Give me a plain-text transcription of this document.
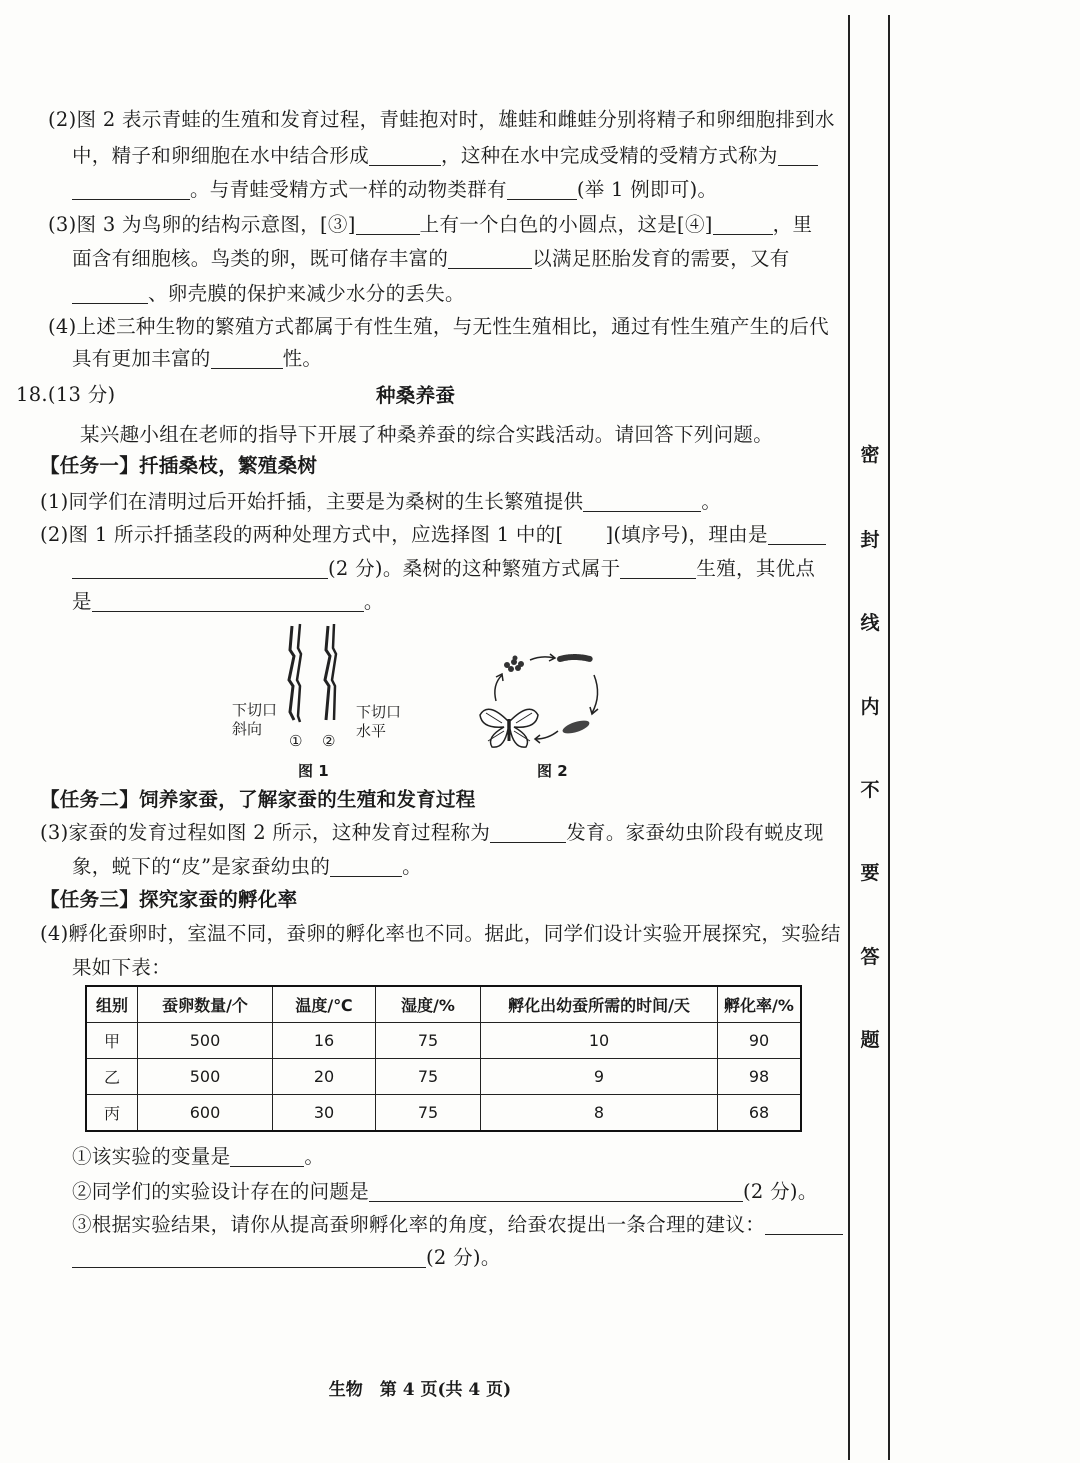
(2)图 2 表示青蛙的生殖和发育过程，青蛙抱对时，雄蛙和雌蛙分别将精子和卵细胞排到水
中，精子和卵细胞在水中结合形成	，这种在水中完成受精的受精方式称为
。与青蛙受精方式一样的动物类群有	(举 1 例即可)。
(3)图 3 为鸟卵的结构示意图，[③]	上有一个白色的小圆点，这是[④]	，里
面含有细胞核。鸟类的卵，既可储存丰富的	以满足胚胎发育的需要，又有
、卵壳膜的保护来减少水分的丢失。
(4)上述三种生物的繁殖方式都属于有性生殖，与无性生殖相比，通过有性生殖产生的后代
具有更加丰富的	性。
18.(13 分)	种桑养蚕
某兴趣小组在老师的指导下开展了种桑养蚕的综合实践活动。请回答下列问题。
【任务一】扦插桑枝，繁殖桑树
(1)同学们在清明过后开始扦插，主要是为桑树的生长繁殖提供	。
(2)图 1 所示扦插茎段的两种处理方式中，应选择图 1 中的[ ](填序号)，理由是
(2 分)。桑树的这种繁殖方式属于	生殖，其优点
是	。
下切口
斜向
下切口
水平
① ②
图 1	图 2
【任务二】饲养家蚕，了解家蚕的生殖和发育过程
(3)家蚕的发育过程如图 2 所示，这种发育过程称为	发育。家蚕幼虫阶段有蜕皮现
象，蜕下的“皮”是家蚕幼虫的	。
【任务三】探究家蚕的孵化率
(4)孵化蚕卵时，室温不同，蚕卵的孵化率也不同。据此，同学们设计实验开展探究，实验结
果如下表：
组别	蚕卵数量/个	温度/℃	湿度/%	孵化出幼蚕所需的时间/天	孵化率/%
甲	500	16	75	10	90
乙	500	20	75	9	98
丙	600	30	75	8	68
①该实验的变量是	。
②同学们的实验设计存在的问题是	(2 分)。
③根据实验结果，请你从提高蚕卵孵化率的角度，给蚕农提出一条合理的建议：
(2 分)。
生物　第 4 页(共 4 页)
密
封
线
内
不
要
答
题
